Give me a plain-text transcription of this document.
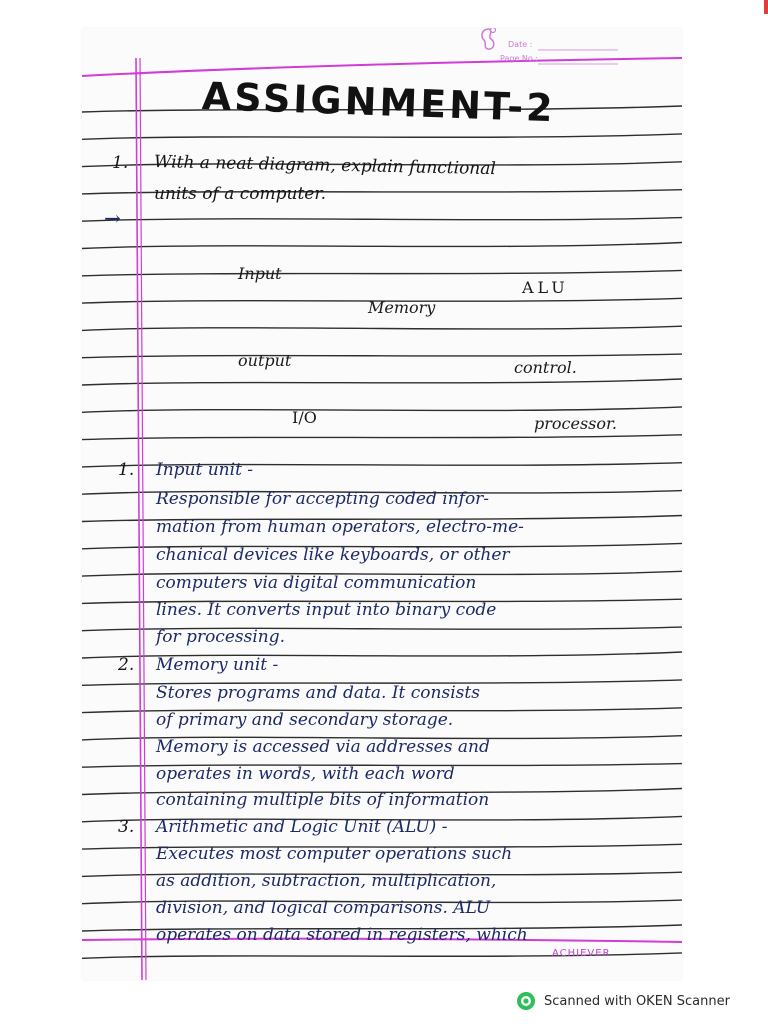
Date :
Page No.:
ASSIGNMENT-2
1. With a neat diagram, explain functional
units of a computer.
→
Input
ALU
Memory
output	control.
I/O	processor.
1. Input unit -
Responsible for accepting coded infor-
mation from human operators, electro-me-
chanical devices like keyboards, or other
computers via digital communication
lines. It converts input into binary code
for processing.
2. Memory unit -
Stores programs and data. It consists
of primary and secondary storage.
Memory is accessed via addresses and
operates in words, with each word
containing multiple bits of information
3. Arithmetic and Logic Unit (ALU) -
Executes most computer operations such
as addition, subtraction, multiplication,
division, and logical comparisons. ALU
operates on data stored in registers, which
ACHIEVER
Scanned with OKEN Scanner
